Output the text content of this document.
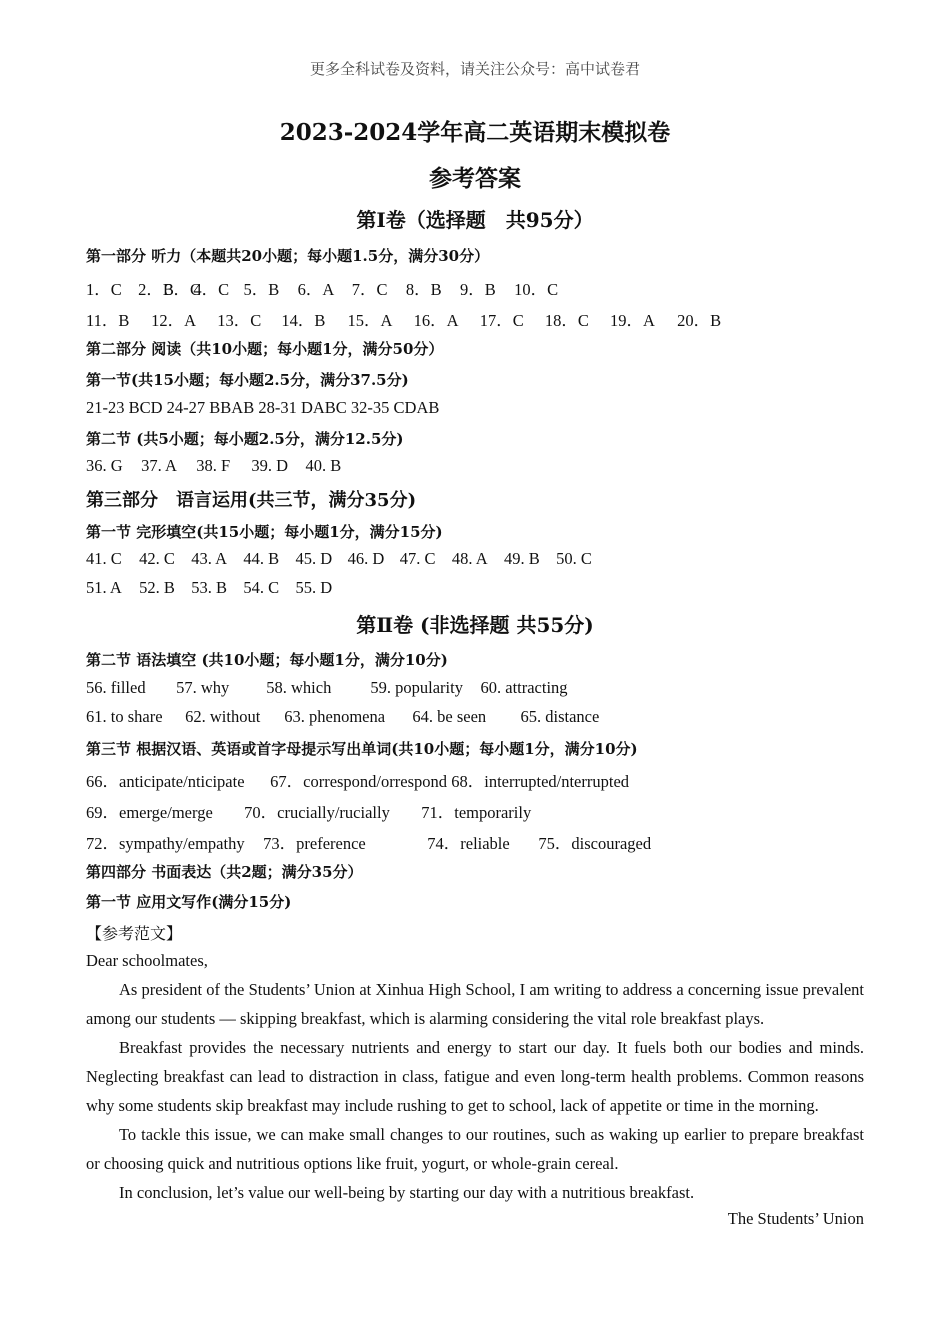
更多全科试卷及资料，请关注公众号：高中试卷君
2023-2024学年高二英语期末模拟卷
参考答案
第Ⅰ卷（选择题　共95分）
第一部分 听力（本题共20小题；每小题1.5分，满分30分）
1．C 2．B 3．C 4．C 5．B 6．A 7．C 8．B 9．B 10．C
11．B 12．A 13．C 14．B 15．A 16．A 17．C 18．C 19．A 20．B
第二部分 阅读（共10小题；每小题1分，满分50分）
第一节(共15小题；每小题2.5分，满分37.5分)
21-23 BCD 24-27 BBAB 28-31 DABC 32-35 CDAB
第二节 (共5小题；每小题2.5分，满分12.5分)
36. G 37. A 38. F 39. D 40. B
第三部分　语言运用(共三节，满分35分)
第一节 完形填空(共15小题；每小题1分，满分15分)
41. C 42. C 43. A 44. B 45. D 46. D 47. C 48. A 49. B 50. C
51. A 52. B 53. B 54. C 55. D
第Ⅱ卷 (非选择题 共55分)
第二节 语法填空 (共10小题；每小题1分，满分10分)
56. filled 57. why 58. which 59. popularity 60. attracting
61. to share 62. without 63. phenomena 64. be seen 65. distance
第三节 根据汉语、英语或首字母提示写出单词(共10小题；每小题1分，满分10分)
66．anticipate/nticipate 67．correspond/orrespond 68．interrupted/nterrupted
69．emerge/merge 70．crucially/rucially 71．temporarily
72．sympathy/empathy 73．preference	74．reliable 75．discouraged
第四部分 书面表达（共2题；满分35分）
第一节 应用文写作(满分15分)
【参考范文】
Dear schoolmates,
As president of the Students’ Union at Xinhua High School, I am writing to address a concerning issue prevalent among our students — skipping breakfast, which is alarming considering the vital role breakfast plays.
Breakfast provides the necessary nutrients and energy to start our day. It fuels both our bodies and minds. Neglecting breakfast can lead to distraction in class, fatigue and even long-term health problems. Common reasons why some students skip breakfast may include rushing to get to school, lack of appetite or time in the morning.
To tackle this issue, we can make small changes to our routines, such as waking up earlier to prepare breakfast or choosing quick and nutritious options like fruit, yogurt, or whole-grain cereal.
In conclusion, let’s value our well-being by starting our day with a nutritious breakfast.
The Students’ Union
